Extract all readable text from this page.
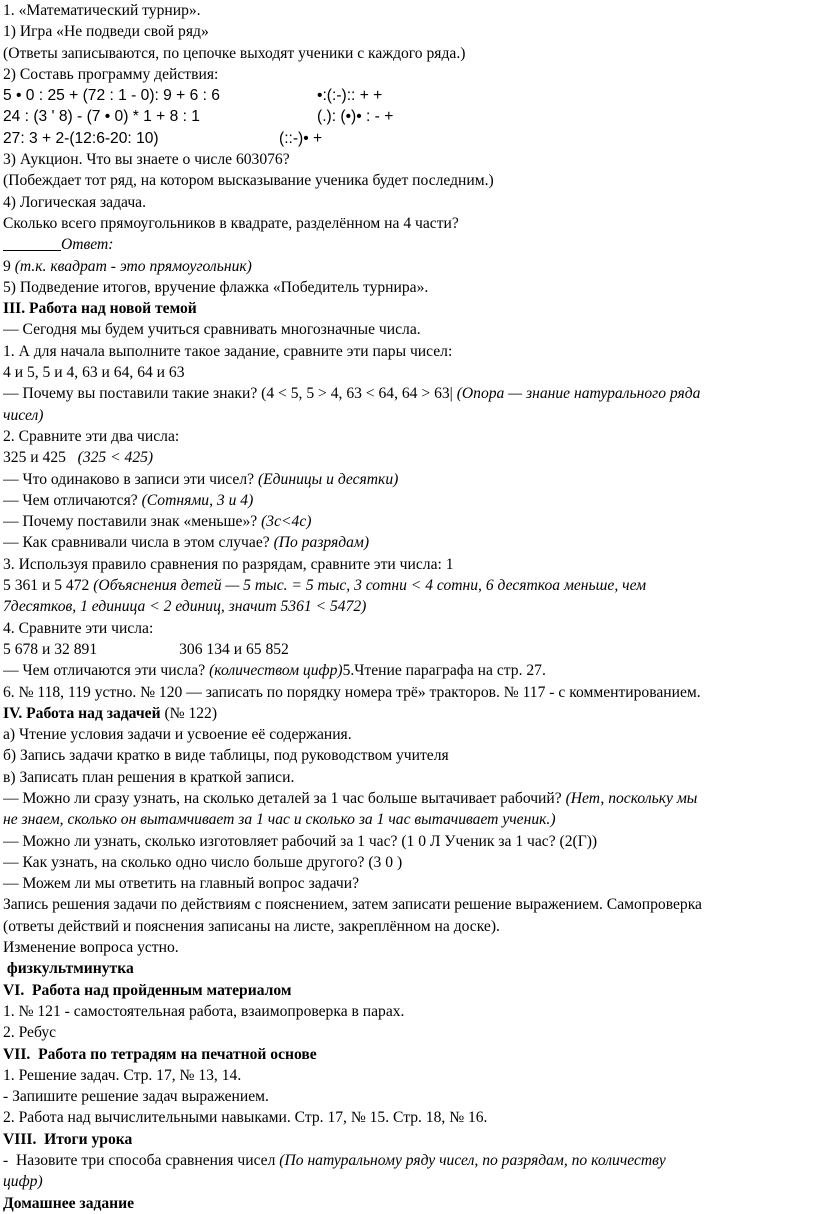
1. «Математический турнир».
1) Игра «Не подведи свой ряд»
(Ответы записываются, по цепочке выходят ученики с каждого ряда.)
2) Составь программу действия:
5 • 0 : 25 + (72 : 1 - 0): 9 + 6 : 6	•:(:-):: + +
24 : (3 ' 8) - (7 • 0) * 1 + 8 : 1	(.): (•)• : - +
27: 3 + 2-(12:6-20: 10)	(::-)• +
3) Аукцион. Что вы знаете о числе 603076?
(Побеждает тот ряд, на котором высказывание ученика будет последним.)
4) Логическая задача.
Сколько всего прямоугольников в квадрате, разделённом на 4 части?
Ответ:
9 (т.к. квадрат - это прямоугольник)
5) Подведение итогов, вручение флажка «Победитель турнира».
III. Работа над новой темой
— Сегодня мы будем учиться сравнивать многозначные числа.
1. А для начала выполните такое задание, сравните эти пары чисел:
4 и 5, 5 и 4, 63 и 64, 64 и 63
— Почему вы поставили такие знаки? (4 < 5, 5 > 4, 63 < 64, 64 > 63| (Опора — знание натурального ряда
чисел)
2. Сравните эти два числа:
325 и 425 (325 < 425)
— Что одинаково в записи эти чисел? (Единицы и десятки)
— Чем отличаются? (Сотнями, 3 и 4)
— Почему поставили знак «меньше»? (3с<4с)
— Как сравнивали числа в этом случае? (По разрядам)
3. Используя правило сравнения по разрядам, сравните эти числа: 1
5 361 и 5 472 (Объяснения детей — 5 тыс. = 5 тыс, 3 сотни < 4 сотни, 6 десяткоа меньше, чем
7десятков, 1 единица < 2 единиц, значит 5361 < 5472)
4. Сравните эти числа:
5 678 и 32 891	306 134 и 65 852
— Чем отличаются эти числа? (количеством цифр)5.Чтение параграфа на стр. 27.
6. № 118, 119 устно. № 120 — записать по порядку номера трё» тракторов. № 117 - с комментированием.
IV. Работа над задачей (№ 122)
а) Чтение условия задачи и усвоение её содержания.
б) Запись задачи кратко в виде таблицы, под руководством учителя
в) Записать план решения в краткой записи.
— Можно ли сразу узнать, на сколько деталей за 1 час больше вытачивает рабочий? (Нет, поскольку мы
не знаем, сколько он вытамчивает за 1 час и сколько за 1 час вытачивает ученик.)
— Можно ли узнать, сколько изготовляет рабочий за 1 час? (1 0 Л Ученик за 1 час? (2(Г))
— Как узнать, на сколько одно число больше другого? (3 0 )
— Можем ли мы ответить на главный вопрос задачи?
Запись решения задачи по действиям с пояснением, затем записати решение выражением. Самопроверка
(ответы действий и пояснения записаны на листе, закреплённом на доске).
Изменение вопроса устно.
физкультминутка
VI.  Работа над пройденным материалом
1. № 121 - самостоятельная работа, взаимопроверка в парах.
2. Ребус
VII.  Работа по тетрадям на печатной основе
1. Решение задач. Стр. 17, № 13, 14.
- Запишите решение задач выражением.
2. Работа над вычислительными навыками. Стр. 17, № 15. Стр. 18, № 16.
VIII.  Итоги урока
-  Назовите три способа сравнения чисел (По натуральному ряду чисел, по разрядам, по количеству
цифр)
Домашнее задание
